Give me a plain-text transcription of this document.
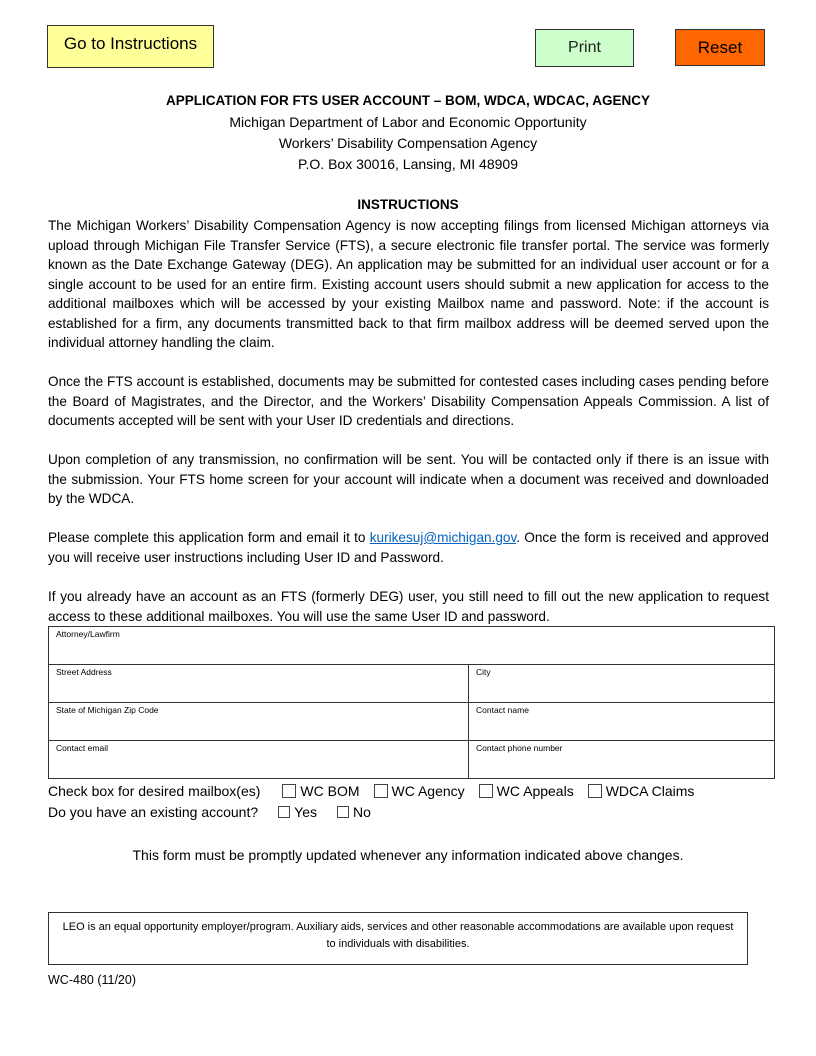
Go to Instructions	Print	Reset
APPLICATION FOR FTS USER ACCOUNT – BOM, WDCA, WDCAC, AGENCY
Michigan Department of Labor and Economic Opportunity
Workers’ Disability Compensation Agency
P.O. Box 30016, Lansing, MI 48909
INSTRUCTIONS
The Michigan Workers’ Disability Compensation Agency is now accepting filings from licensed Michigan attorneys via upload through Michigan File Transfer Service (FTS), a secure electronic file transfer portal. The service was formerly known as the Date Exchange Gateway (DEG). An application may be submitted for an individual user account or for a single account to be used for an entire firm. Existing account users should submit a new application for access to the additional mailboxes which will be accessed by your existing Mailbox name and password. Note: if the account is established for a firm, any documents transmitted back to that firm mailbox address will be deemed served upon the individual attorney handling the claim.
Once the FTS account is established, documents may be submitted for contested cases including cases pending before the Board of Magistrates, and the Director, and the Workers’ Disability Compensation Appeals Commission. A list of documents accepted will be sent with your User ID credentials and directions.
Upon completion of any transmission, no confirmation will be sent. You will be contacted only if there is an issue with the submission. Your FTS home screen for your account will indicate when a document was received and downloaded by the WDCA.
Please complete this application form and email it to kurikesuj@michigan.gov. Once the form is received and approved you will receive user instructions including User ID and Password.
If you already have an account as an FTS (formerly DEG) user, you still need to fill out the new application to request access to these additional mailboxes. You will use the same User ID and password.
Attorney/Lawfirm	

Street Address	City

State of Michigan Zip Code	Contact name

Contact email	Contact phone number
Check box for desired mailbox(es)	WC BOM WC Agency WC Appeals WDCA Claims
Do you have an existing account?	Yes	No
This form must be promptly updated whenever any information indicated above changes.
LEO is an equal opportunity employer/program. Auxiliary aids, services and other reasonable accommodations are available upon request to individuals with disabilities.
WC-480 (11/20)
